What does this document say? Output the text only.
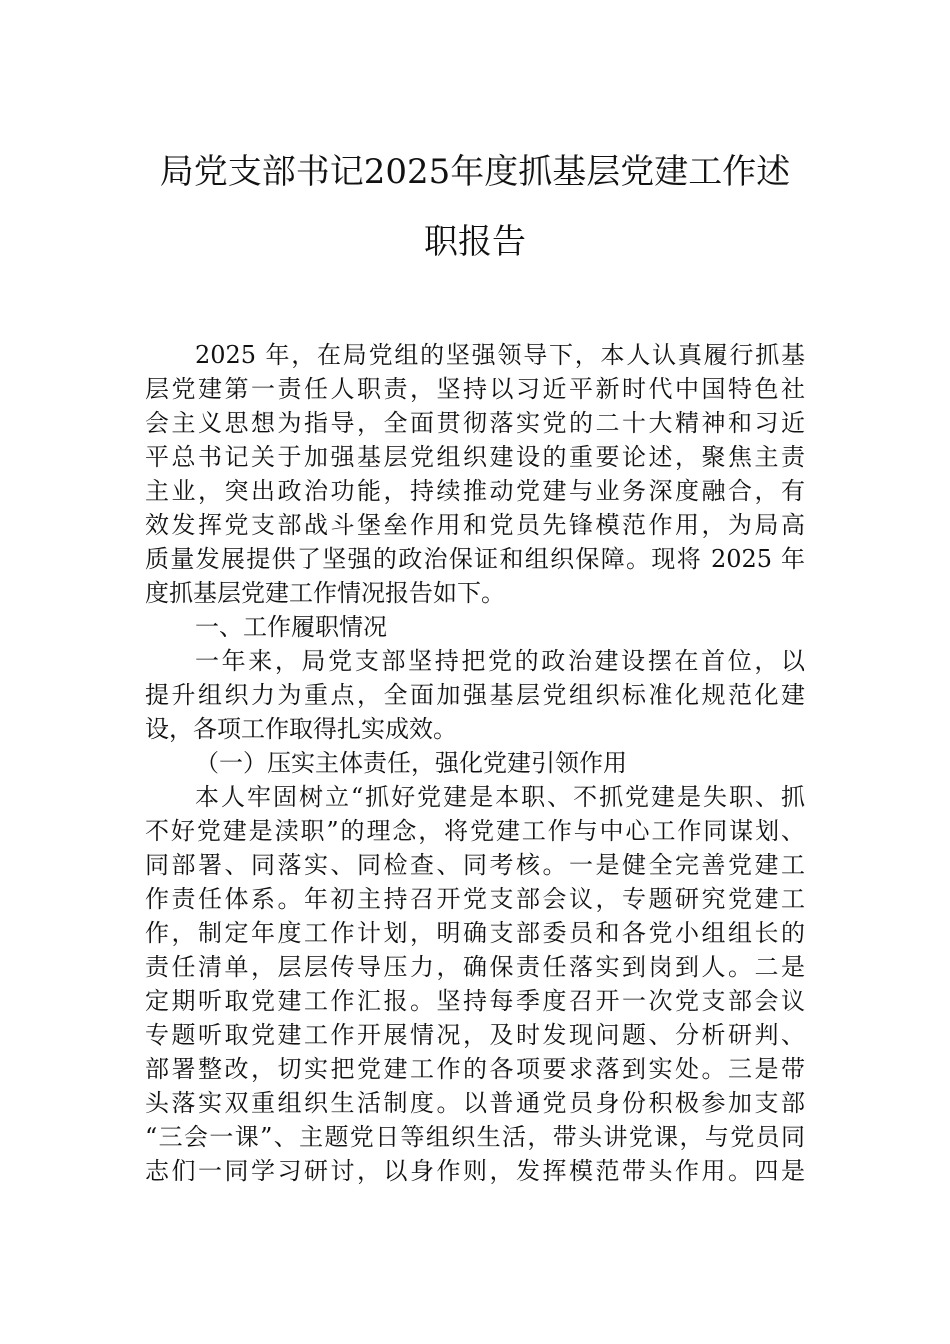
局党支部书记2025年度抓基层党建工作述
职报告
2025 年，在局党组的坚强领导下，本人认真履行抓基
层党建第一责任人职责，坚持以习近平新时代中国特色社
会主义思想为指导，全面贯彻落实党的二十大精神和习近
平总书记关于加强基层党组织建设的重要论述，聚焦主责
主业，突出政治功能，持续推动党建与业务深度融合，有
效发挥党支部战斗堡垒作用和党员先锋模范作用，为局高
质量发展提供了坚强的政治保证和组织保障。现将 2025 年
度抓基层党建工作情况报告如下。
一、工作履职情况
一年来，局党支部坚持把党的政治建设摆在首位，以
提升组织力为重点，全面加强基层党组织标准化规范化建
设，各项工作取得扎实成效。
（一）压实主体责任，强化党建引领作用
本人牢固树立“抓好党建是本职、不抓党建是失职、抓
不好党建是渎职”的理念，将党建工作与中心工作同谋划、
同部署、同落实、同检查、同考核。一是健全完善党建工
作责任体系。年初主持召开党支部会议，专题研究党建工
作，制定年度工作计划，明确支部委员和各党小组组长的
责任清单，层层传导压力，确保责任落实到岗到人。二是
定期听取党建工作汇报。坚持每季度召开一次党支部会议
专题听取党建工作开展情况，及时发现问题、分析研判、
部署整改，切实把党建工作的各项要求落到实处。三是带
头落实双重组织生活制度。以普通党员身份积极参加支部
“三会一课”、主题党日等组织生活，带头讲党课，与党员同
志们一同学习研讨，以身作则，发挥模范带头作用。四是
